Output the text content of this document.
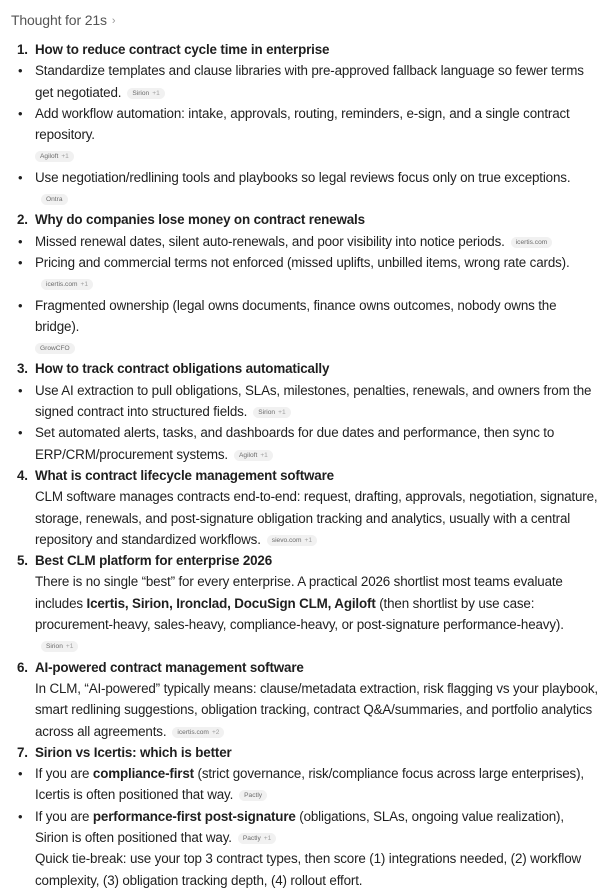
Thought for 21s ›

1. How to reduce contract cycle time in enterprise

• Standardize templates and clause libraries with pre-approved fallback language so fewer terms get negotiated. Sirion +1

• Add workflow automation: intake, approvals, routing, reminders, e-sign, and a single contract repository.
Agiloft +1

• Use negotiation/redlining tools and playbooks so legal reviews focus only on true exceptions.Ontra

2. Why do companies lose money on contract renewals

• Missed renewal dates, silent auto-renewals, and poor visibility into notice periods. icertis.com

• Pricing and commercial terms not enforced (missed uplifts, unbilled items, wrong rate cards).icertis.com +1

• Fragmented ownership (legal owns documents, finance owns outcomes, nobody owns the bridge).
GrowCFO

3. How to track contract obligations automatically

• Use AI extraction to pull obligations, SLAs, milestones, penalties, renewals, and owners from the signed contract into structured fields. Sirion +1

• Set automated alerts, tasks, and dashboards for due dates and performance, then sync to ERP/CRM/procurement systems. Agiloft +1

4. What is contract lifecycle management software

CLM software manages contracts end-to-end: request, drafting, approvals, negotiation, signature, storage, renewals, and post-signature obligation tracking and analytics, usually with a central repository and standardized workflows. sievo.com +1

5. Best CLM platform for enterprise 2026

There is no single “best” for every enterprise. A practical 2026 shortlist most teams evaluate includes Icertis, Sirion, Ironclad, DocuSign CLM, Agiloft (then shortlist by use case: procurement-heavy, sales-heavy, compliance-heavy, or post-signature performance-heavy).Sirion +1

6. AI-powered contract management software

In CLM, “AI-powered” typically means: clause/metadata extraction, risk flagging vs your playbook, smart redlining suggestions, obligation tracking, contract Q&A/summaries, and portfolio analytics across all agreements. icertis.com +2

7. Sirion vs Icertis: which is better

• If you are compliance-first (strict governance, risk/compliance focus across large enterprises), Icertis is often positioned that way. Pactly

• If you are performance-first post-signature (obligations, SLAs, ongoing value realization), Sirion is often positioned that way. Pactly +1

Quick tie-break: use your top 3 contract types, then score (1) integrations needed, (2) workflow complexity, (3) obligation tracking depth, (4) rollout effort.
